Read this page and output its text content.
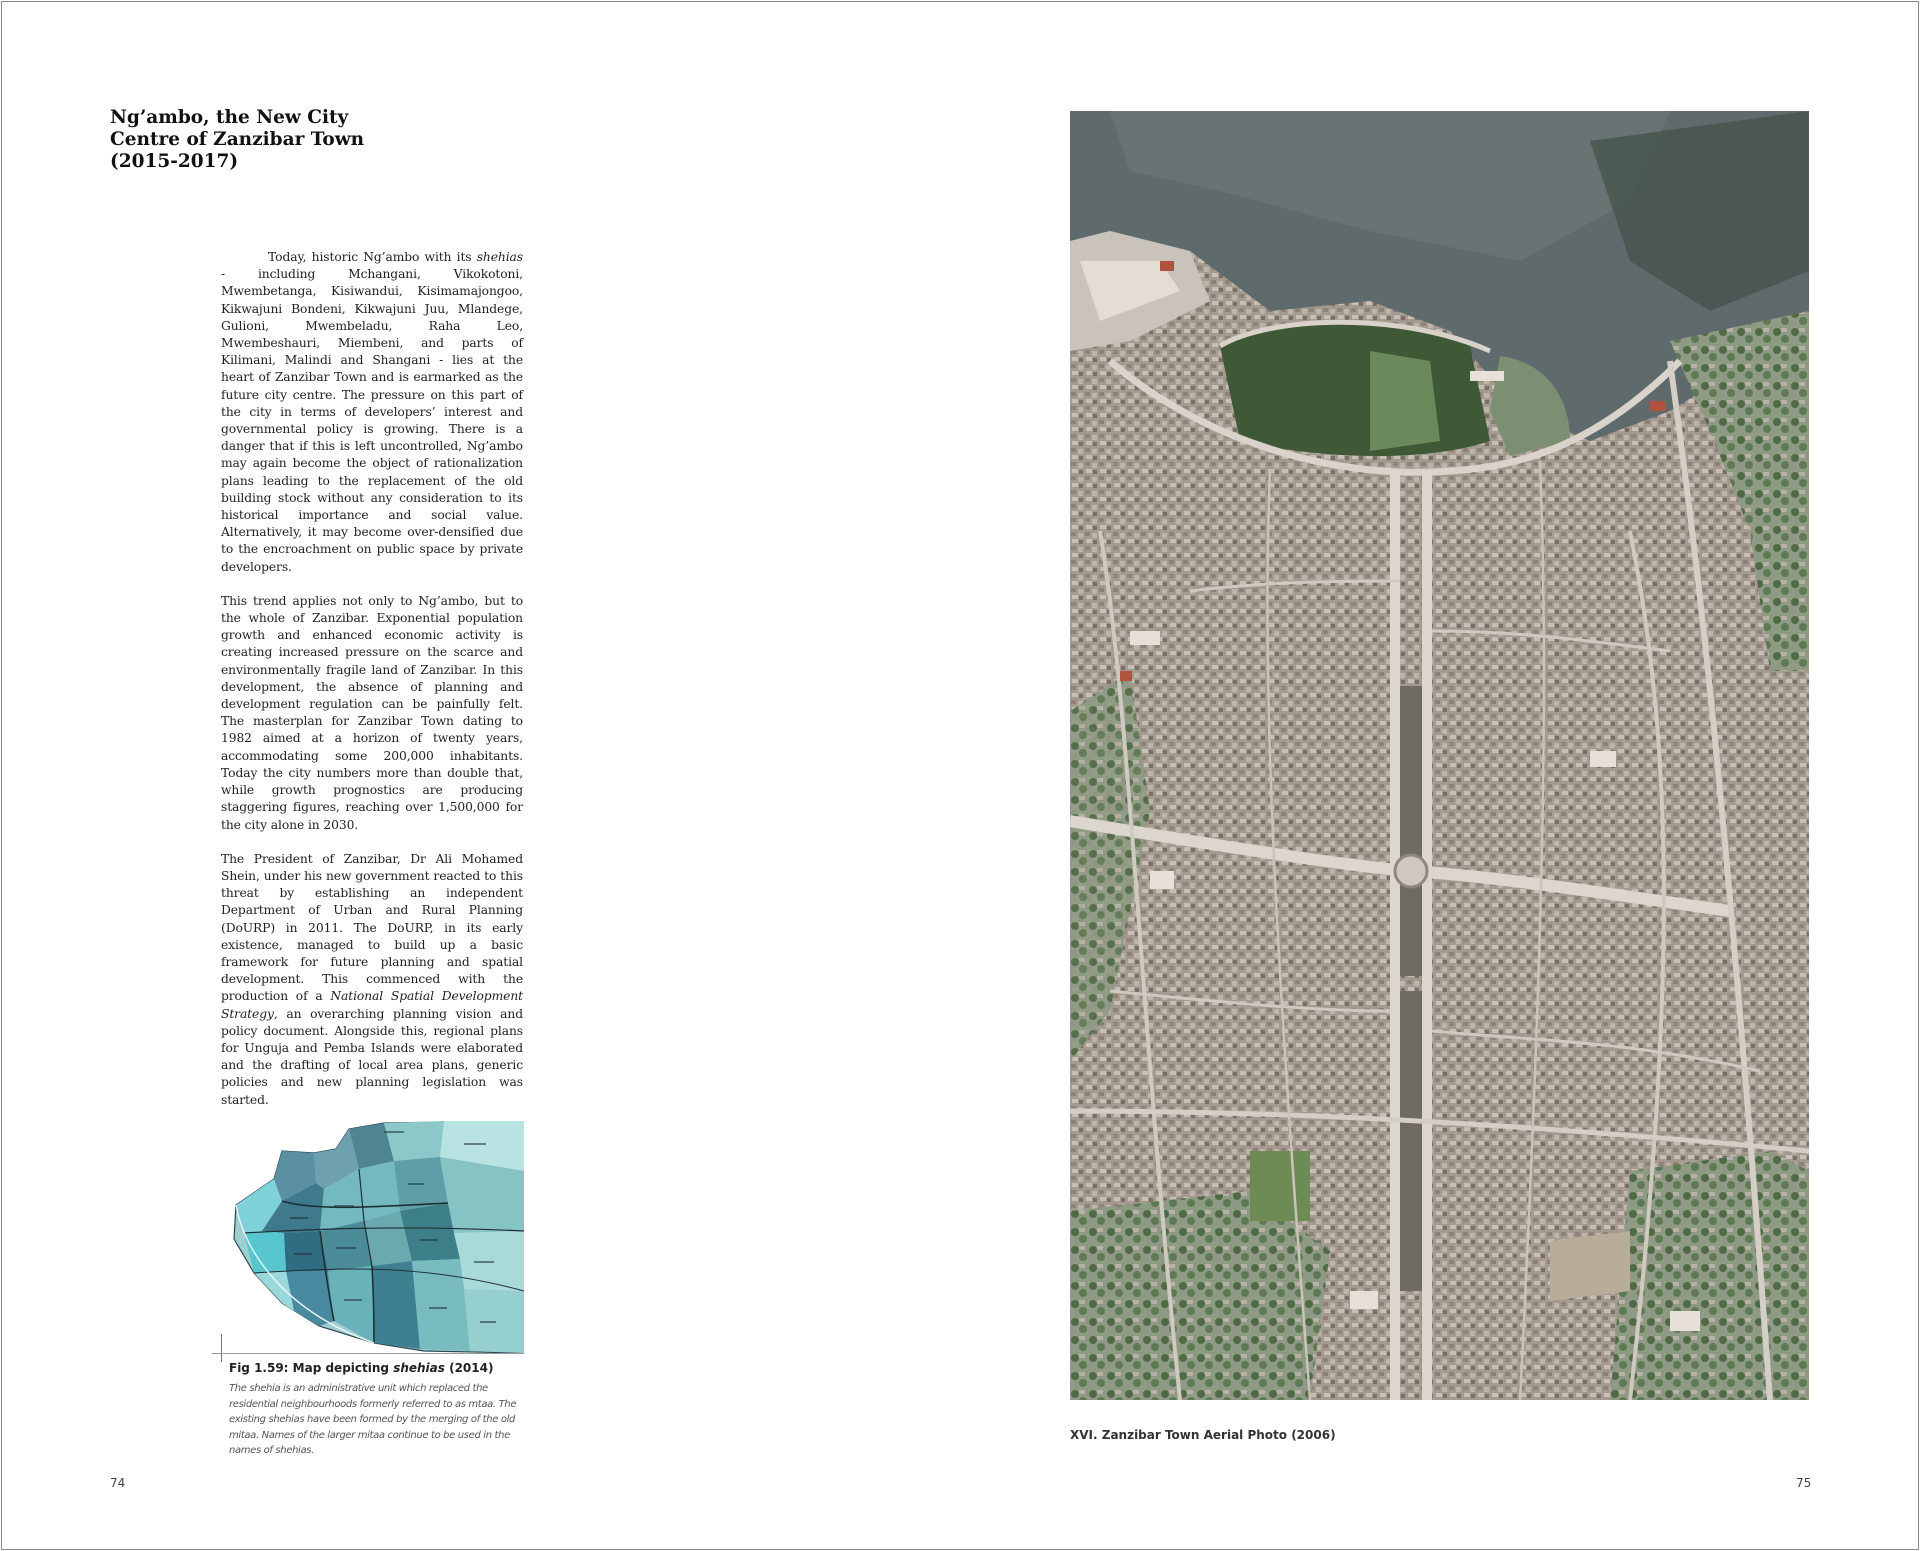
Ng’ambo, the New City
Centre of Zanzibar Town
(2015-2017)

Today, historic Ng’ambo with its shehias - including Mchangani, Vikokotoni, Mwembetanga, Kisiwandui, Kisimamajongoo, Kikwajuni Bondeni, Kikwajuni Juu, Mlandege, Gulioni, Mwembeladu, Raha Leo, Mwembeshauri, Miembeni, and parts of Kilimani, Malindi and Shangani - lies at the heart of Zanzibar Town and is earmarked as the future city centre. The pressure on this part of the city in terms of developers’ interest and governmental policy is growing. There is a danger that if this is left uncontrolled, Ng’ambo may again become the object of rationalization plans leading to the replacement of the old building stock without any consideration to its historical importance and social value. Alternatively, it may become over-densified due to the encroachment on public space by private developers.

This trend applies not only to Ng’ambo, but to the whole of Zanzibar. Exponential population growth and enhanced economic activity is creating increased pressure on the scarce and environmentally fragile land of Zanzibar. In this development, the absence of planning and development regulation can be painfully felt. The masterplan for Zanzibar Town dating to 1982 aimed at a horizon of twenty years, accommodating some 200,000 inhabitants. Today the city numbers more than double that, while growth prognostics are producing staggering figures, reaching over 1,500,000 for the city alone in 2030.

The President of Zanzibar, Dr Ali Mohamed Shein, under his new government reacted to this threat by establishing an independent Department of Urban and Rural Planning (DoURP) in 2011. The DoURP, in its early existence, managed to build up a basic framework for future planning and spatial development. This commenced with the production of a National Spatial Development Strategy, an overarching planning vision and policy document. Alongside this, regional plans for Unguja and Pemba Islands were elaborated and the drafting of local area plans, generic policies and new planning legislation was started.

Fig 1.59: Map depicting shehias (2014)
The shehia is an administrative unit which replaced the residential neighbourhoods formerly referred to as mtaa. The existing shehias have been formed by the merging of the old mitaa. Names of the larger mitaa continue to be used in the names of shehias.
XVI. Zanzibar Town Aerial Photo (2006)
74	75
